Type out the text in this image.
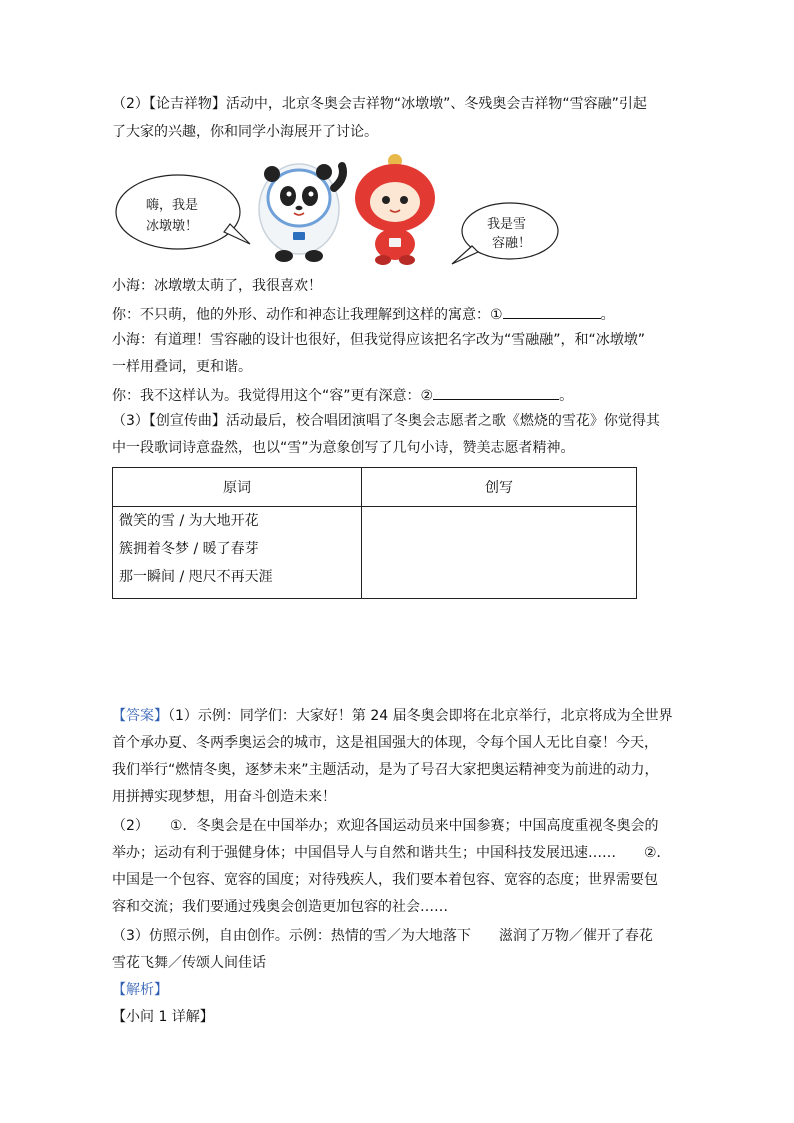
（2）【论吉祥物】活动中，北京冬奥会吉祥物“冰墩墩”、冬残奥会吉祥物“雪容融”引起
了大家的兴趣，你和同学小海展开了讨论。
嗨，我是
冰墩墩！	我是雪
容融！
小海：冰墩墩太萌了，我很喜欢！
你：不只萌，他的外形、动作和神态让我理解到这样的寓意：①	。
小海：有道理！雪容融的设计也很好，但我觉得应该把名字改为“雪融融”，和“冰墩墩”
一样用叠词，更和谐。
你：我不这样认为。我觉得用这个“容”更有深意：②	。
（3）【创宣传曲】活动最后，校合唱团演唱了冬奥会志愿者之歌《燃烧的雪花》你觉得其
中一段歌词诗意盎然，也以“雪”为意象创写了几句小诗，赞美志愿者精神。
原词	创写

微笑的雪 / 为大地开花
簇拥着冬梦 / 暖了春芽
那一瞬间 / 咫尺不再天涯	

【答案】（1）示例：同学们：大家好！第 24 届冬奥会即将在北京举行，北京将成为全世界
首个承办夏、冬两季奥运会的城市，这是祖国强大的体现，令每个国人无比自豪！今天，
我们举行“燃情冬奥，逐梦未来”主题活动，是为了号召大家把奥运精神变为前进的动力，
用拼搏实现梦想，用奋斗创造未来！
（2）　　①．冬奥会是在中国举办；欢迎各国运动员来中国参赛；中国高度重视冬奥会的
举办；运动有利于强健身体；中国倡导人与自然和谐共生；中国科技发展迅速……　　②．
中国是一个包容、宽容的国度；对待残疾人，我们要本着包容、宽容的态度；世界需要包
容和交流；我们要通过残奥会创造更加包容的社会……
（3）仿照示例，自由创作。示例：热情的雪／为大地落下　　滋润了万物／催开了春花
雪花飞舞／传颂人间佳话
【解析】
【小问 1 详解】
